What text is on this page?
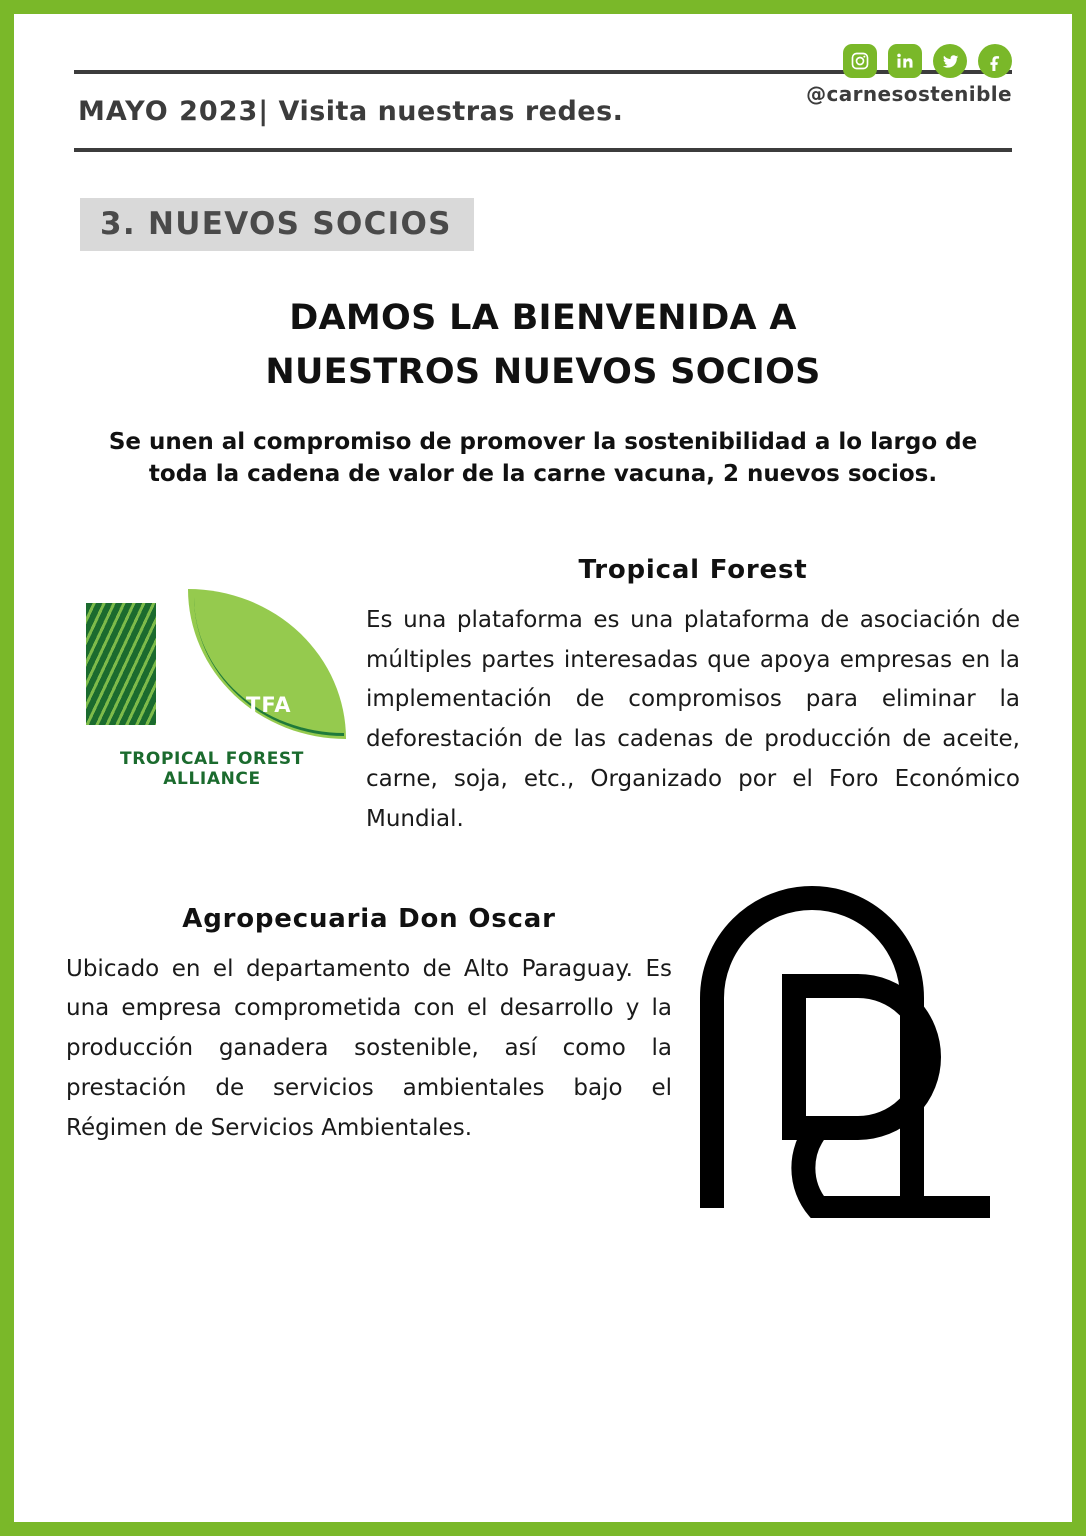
MAYO 2023| Visita nuestras redes.
@carnesostenible
3. NUEVOS SOCIOS
DAMOS LA BIENVENIDA A
NUESTROS NUEVOS SOCIOS
Se unen al compromiso de promover la sostenibilidad a lo largo de toda la cadena de valor de la carne vacuna, 2 nuevos socios.
TFA
TROPICAL FOREST ALLIANCE
Tropical Forest
Es una plataforma es una plataforma de asociación de múltiples partes interesadas que apoya empresas en la implementación de compromisos para eliminar la deforestación de las cadenas de producción de aceite, carne, soja, etc., Organizado por el Foro Económico Mundial.
Agropecuaria Don Oscar
Ubicado en el departamento de Alto Paraguay. Es una empresa comprometida con el desarrollo y la producción ganadera sostenible, así como la prestación de servicios ambientales bajo el Régimen de Servicios Ambientales.
